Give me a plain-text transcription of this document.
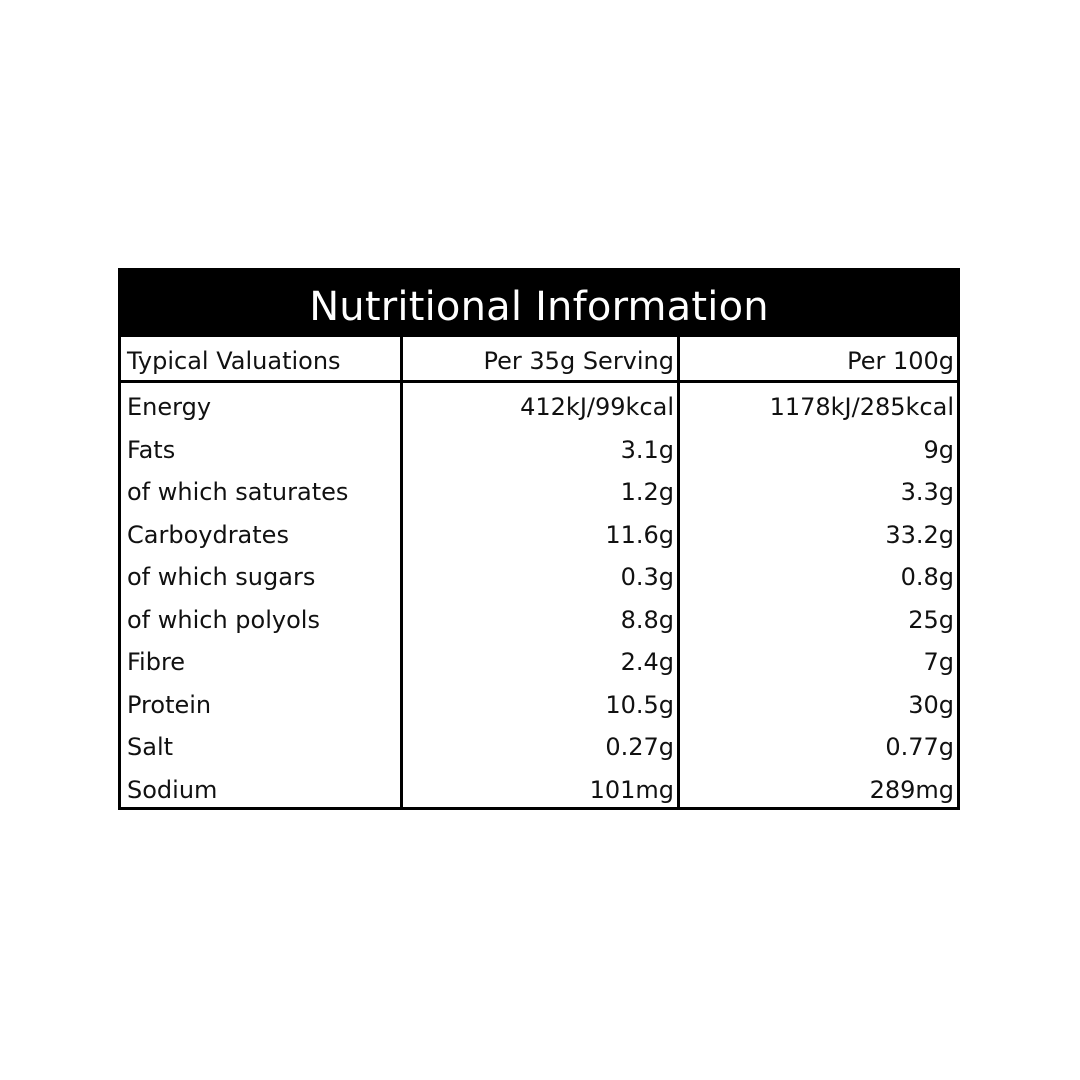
Nutritional Information
Typical Valuations	Per 35g Serving	Per 100g
Energy	412kJ/99kcal	1178kJ/285kcal
Fats	3.1g	9g
of which saturates	1.2g	3.3g
Carboydrates	11.6g	33.2g
of which sugars	0.3g	0.8g
of which polyols	8.8g	25g
Fibre	2.4g	7g
Protein	10.5g	30g
Salt	0.27g	0.77g
Sodium	101mg	289mg
